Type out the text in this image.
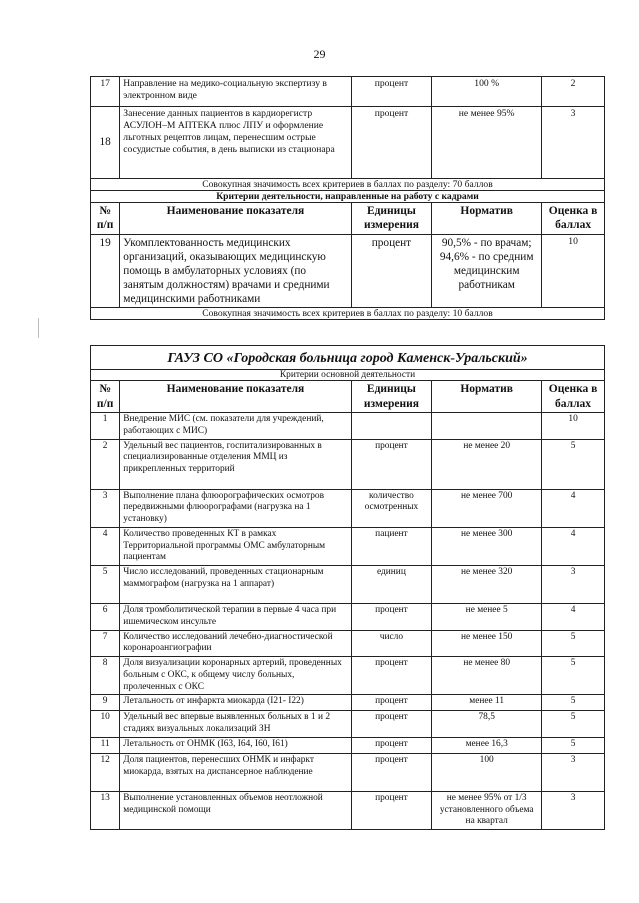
29
17	Направление на медико-социальную экспертизу в электронном виде	процент	100 %	2
18	Занесение данных пациентов в кардиорегистр АСУЛОН–М АПТЕКА плюс ЛПУ и оформление льготных рецептов лицам, перенесшим острые сосудистые события, в день выписки из стационара	процент	не менее 95%	3
Совокупная значимость всех критериев в баллах по разделу: 70 баллов				
Критерии деятельности, направленные на работу с кадрами				
№ п/п	Наименование показателя	Единицы измерения	Норматив	Оценка в баллах
19	Укомплектованность медицинских организаций, оказывающих медицинскую помощь в амбулаторных условиях (по занятым должностям) врачами и средними медицинскими работниками	процент	90,5% - по врачам; 94,6% - по средним медицинским работникам	10
Совокупная значимость всех критериев в баллах по разделу: 10 баллов				
ГАУЗ СО «Городская больница город Каменск-Уральский»				
Критерии основной деятельности				
№ п/п	Наименование показателя	Единицы измерения	Норматив	Оценка в баллах
1	Внедрение МИС (см. показатели для учреждений, работающих с МИС)			10
2	Удельный вес пациентов, госпитализированных в специализированные отделения ММЦ из прикрепленных территорий	процент	не менее 20	5
3	Выполнение плана флюорографических осмотров передвижными флюорографами (нагрузка на 1 установку)	количество осмотренных	не менее 700	4
4	Количество проведенных КТ в рамках Территориальной программы ОМС амбулаторным пациентам	пациент	не менее 300	4
5	Число исследований, проведенных стационарным маммографом (нагрузка на 1 аппарат)	единиц	не менее 320	3
6	Доля тромболитической терапии в первые 4 часа при ишемическом инсульте	процент	не менее 5	4
7	Количество исследований лечебно-диагностической коронароангиографии	число	не менее 150	5
8	Доля визуализации коронарных артерий, проведенных больным с ОКС, к общему числу больных, пролеченных с ОКС	процент	не менее 80	5
9	Летальность от инфаркта миокарда (I21- I22)	процент	менее 11	5
10	Удельный вес впервые выявленных больных в 1 и 2 стадиях визуальных локализаций ЗН	процент	78,5	5
11	Летальность от ОНМК (I63, I64, I60, I61)	процент	менее 16,3	5
12	Доля пациентов, перенесших ОНМК и инфаркт миокарда, взятых на диспансерное наблюдение	процент	100	3
13	Выполнение установленных объемов неотложной медицинской помощи	процент	не менее 95% от 1/3 установленного объема на квартал	3
